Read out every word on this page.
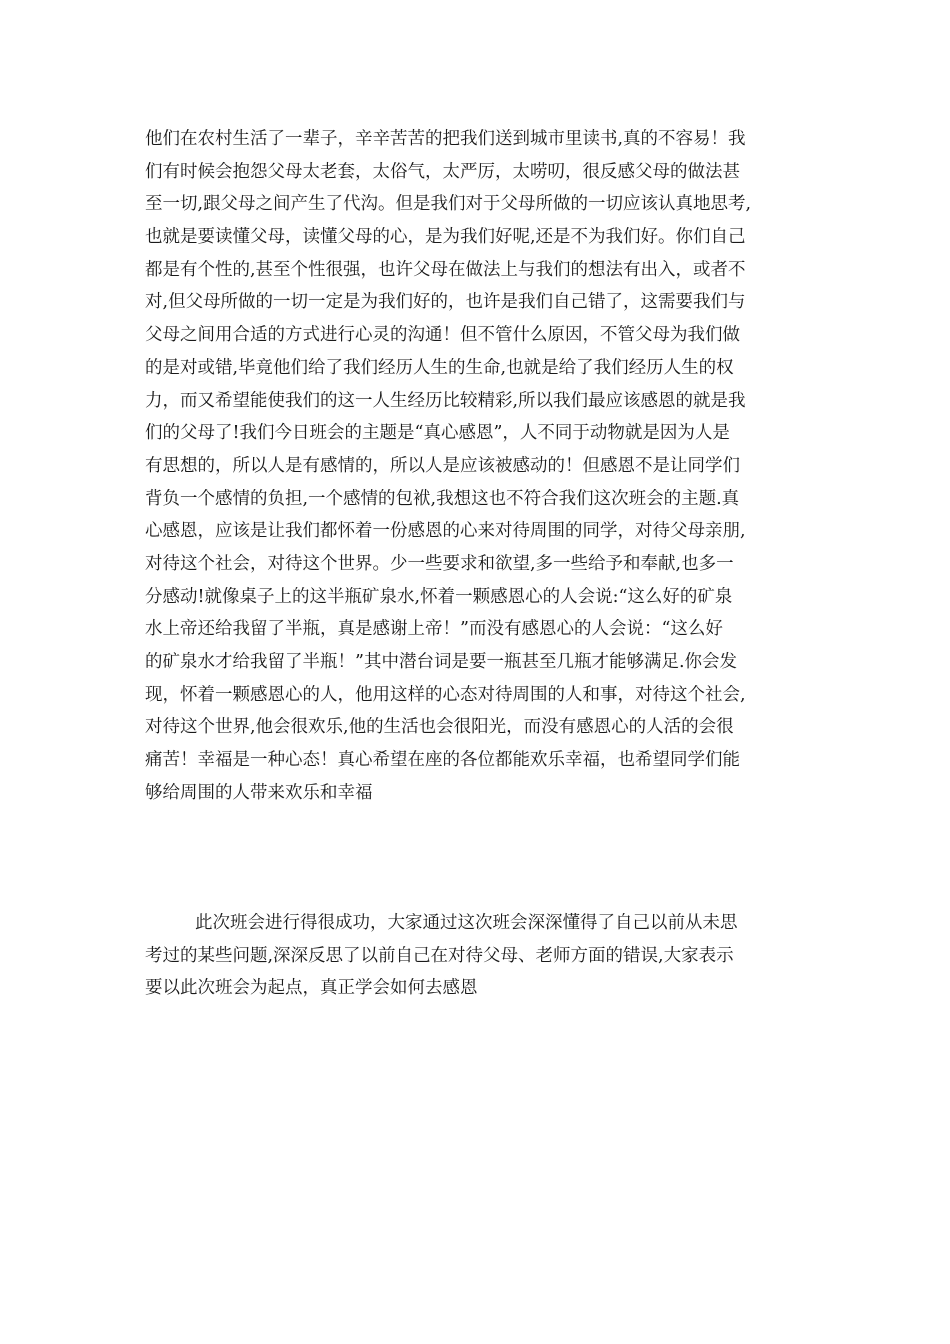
他们在农村生活了一辈子，辛辛苦苦的把我们送到城市里读书,真的不容易！我
们有时候会抱怨父母太老套，太俗气，太严厉，太唠叨，很反感父母的做法甚
至一切,跟父母之间产生了代沟。但是我们对于父母所做的一切应该认真地思考,
也就是要读懂父母，读懂父母的心，是为我们好呢,还是不为我们好。你们自己
都是有个性的,甚至个性很强，也许父母在做法上与我们的想法有出入，或者不
对,但父母所做的一切一定是为我们好的，也许是我们自己错了，这需要我们与
父母之间用合适的方式进行心灵的沟通！但不管什么原因，不管父母为我们做
的是对或错,毕竟他们给了我们经历人生的生命,也就是给了我们经历人生的权
力，而又希望能使我们的这一人生经历比较精彩,所以我们最应该感恩的就是我
们的父母了!我们今日班会的主题是“真心感恩”，人不同于动物就是因为人是
有思想的，所以人是有感情的，所以人是应该被感动的！但感恩不是让同学们
背负一个感情的负担,一个感情的包袱,我想这也不符合我们这次班会的主题.真
心感恩，应该是让我们都怀着一份感恩的心来对待周围的同学，对待父母亲朋,
对待这个社会，对待这个世界。少一些要求和欲望,多一些给予和奉献,也多一
分感动!就像桌子上的这半瓶矿泉水,怀着一颗感恩心的人会说:“这么好的矿泉
水上帝还给我留了半瓶，真是感谢上帝！”而没有感恩心的人会说：“这么好
的矿泉水才给我留了半瓶！”其中潜台词是要一瓶甚至几瓶才能够满足.你会发
现，怀着一颗感恩心的人，他用这样的心态对待周围的人和事，对待这个社会,
对待这个世界,他会很欢乐,他的生活也会很阳光，而没有感恩心的人活的会很
痛苦！幸福是一种心态！真心希望在座的各位都能欢乐幸福，也希望同学们能
够给周围的人带来欢乐和幸福
此次班会进行得很成功，大家通过这次班会深深懂得了自己以前从未思
考过的某些问题,深深反思了以前自己在对待父母、老师方面的错误,大家表示
要以此次班会为起点，真正学会如何去感恩
